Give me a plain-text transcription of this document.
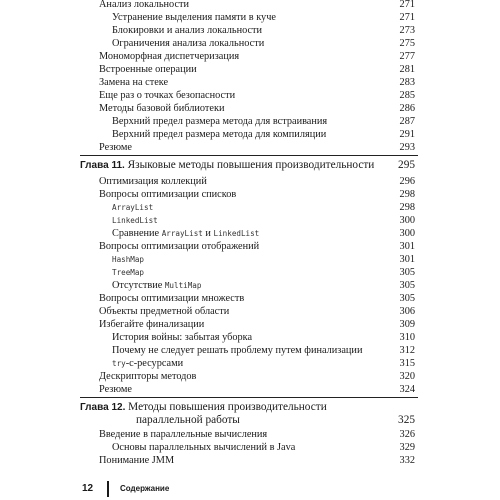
Анализ локальности	271
Устранение выделения памяти в куче	271
Блокировки и анализ локальности	273
Ограничения анализа локальности	275
Мономорфная диспетчеризация	277
Встроенные операции	281
Замена на стеке	283
Еще раз о точках безопасности	285
Методы базовой библиотеки	286
Верхний предел размера метода для встраивания	287
Верхний предел размера метода для компиляции	291
Резюме	293
Глава 11. Языковые методы повышения производительности 295
Оптимизация коллекций	296
Вопросы оптимизации списков	298
ArrayList	298
LinkedList	300
Сравнение ArrayList и LinkedList	300
Вопросы оптимизации отображений	301
HashMap	301
TreeMap	305
Отсутствие MultiMap	305
Вопросы оптимизации множеств	305
Объекты предметной области	306
Избегайте финализации	309
История войны: забытая уборка	310
Почему не следует решать проблему путем финализации	312
try-с-ресурсами	315
Дескрипторы методов	320
Резюме	324
Глава 12. Методы повышения производительности
параллельной работы	325
Введение в параллельные вычисления	326
Основы параллельных вычислений в Java	329
Понимание JMM	332
12	Содержание
